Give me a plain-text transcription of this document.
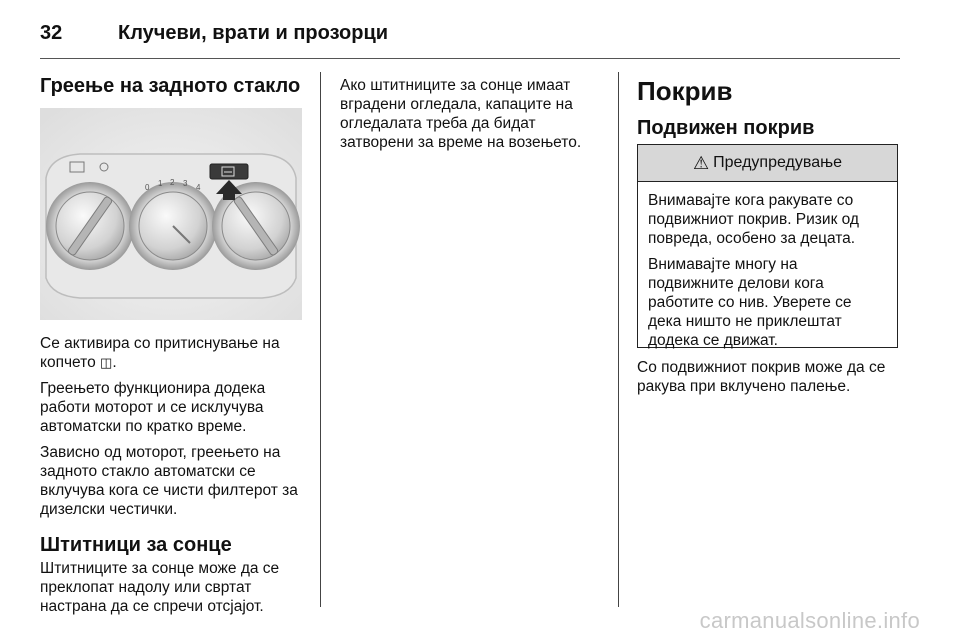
32	Клучеви, врати и прозорци
Греење на задното стакло
0 1 2 3 4

Се активира со притиснување на копчето ◫.

Греењето функционира додека работи моторот и се исклучува автоматски по кратко време.

Зависно од моторот, греењето на задното стакло автоматски се вклучува кога се чисти филтерот за дизелски честички.

Штитници за сонце

Штитниците за сонце може да се преклопат надолу или свртат настрана да се спречи отсјајот.

Ако штитниците за сонце имаат вградени огледала, капаците на огледалата треба да бидат затворени за време на возењето.

Покрив
Подвижен покрив
⚠ Предупредување

Внимавајте кога ракувате со подвижниот покрив. Ризик од повреда, особено за децата.

Внимавајте многу на подвижните делови кога работите со нив. Уверете се дека ништо не приклештат додека се движат.

Со подвижниот покрив може да се ракува при вклучено палење.

carmanualsonline.info
